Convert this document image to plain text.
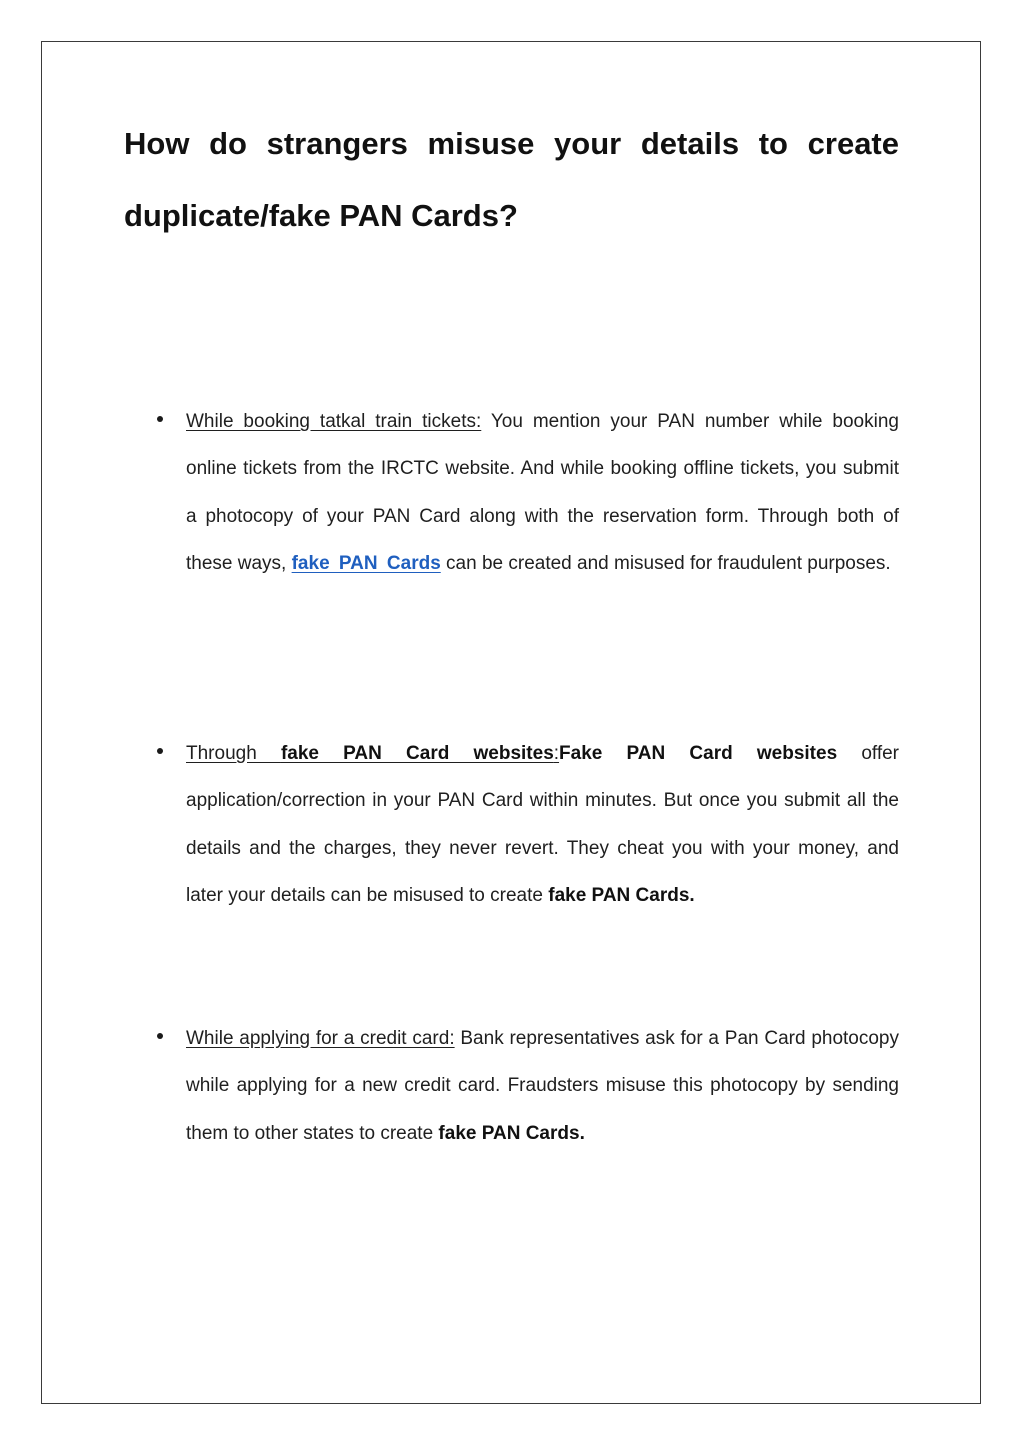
How do strangers misuse your details to create
duplicate/fake PAN Cards?
While booking tatkal train tickets: You mention your PAN number while booking online tickets from the IRCTC website. And while booking offline tickets, you submit a photocopy of your PAN Card along with the reservation form. Through both of these ways, fake PAN Cards can be created and misused for fraudulent purposes.
Through fake PAN Card websites:Fake PAN Card websites offer application/correction in your PAN Card within minutes. But once you submit all the details and the charges, they never revert. They cheat you with your money, and later your details can be misused to create fake PAN Cards.
While applying for a credit card: Bank representatives ask for a Pan Card photocopy while applying for a new credit card. Fraudsters misuse this photocopy by sending them to other states to create fake PAN Cards.
